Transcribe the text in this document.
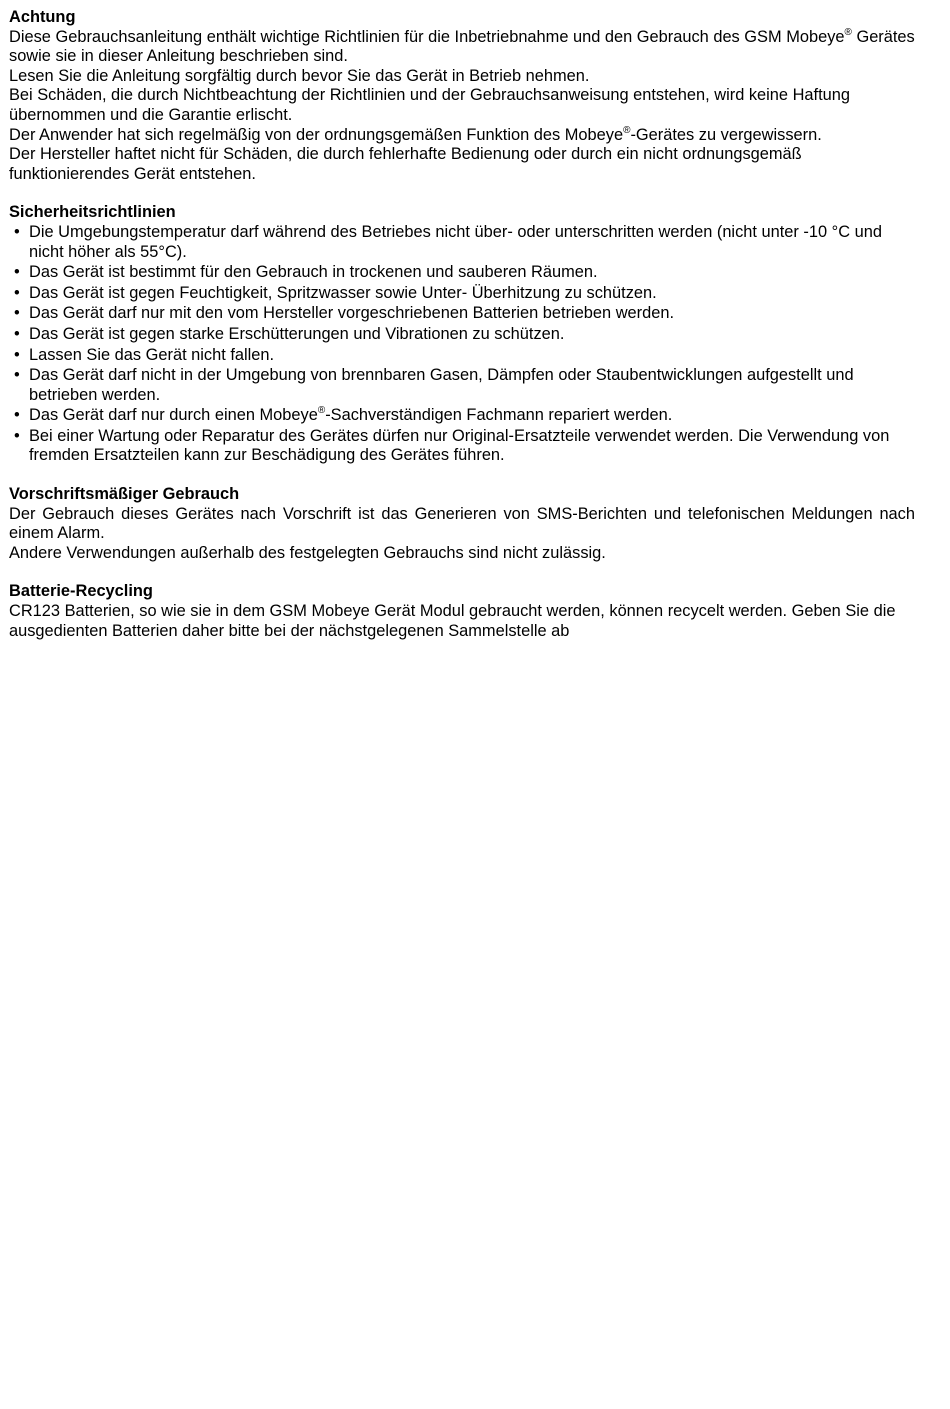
Achtung

Diese Gebrauchsanleitung enthält wichtige Richtlinien für die Inbetriebnahme und den Gebrauch des GSM Mobeye® Gerätes sowie sie in dieser Anleitung beschrieben sind.

Lesen Sie die Anleitung sorgfältig durch bevor Sie das Gerät in Betrieb nehmen.

Bei Schäden, die durch Nichtbeachtung der Richtlinien und der Gebrauchsanweisung entstehen, wird keine Haftung übernommen und die Garantie erlischt.

Der Anwender hat sich regelmäßig von der ordnungsgemäßen Funktion des Mobeye®-Gerätes zu vergewissern.

Der Hersteller haftet nicht für Schäden, die durch fehlerhafte Bedienung oder durch ein nicht ordnungsgemäß funktionierendes Gerät entstehen.

Sicherheitsrichtlinien

• Die Umgebungstemperatur darf während des Betriebes nicht über- oder unterschritten werden (nicht unter -10 °C und nicht höher als 55°C).
• Das Gerät ist bestimmt für den Gebrauch in trockenen und sauberen Räumen.
• Das Gerät ist gegen Feuchtigkeit, Spritzwasser sowie Unter- Überhitzung zu schützen.
• Das Gerät darf nur mit den vom Hersteller vorgeschriebenen Batterien betrieben werden.
• Das Gerät ist gegen starke Erschütterungen und Vibrationen zu schützen.
• Lassen Sie das Gerät nicht fallen.
• Das Gerät darf nicht in der Umgebung von brennbaren Gasen, Dämpfen oder Staubentwicklungen aufgestellt und betrieben werden.
• Das Gerät darf nur durch einen Mobeye®-Sachverständigen Fachmann repariert werden.
• Bei einer Wartung oder Reparatur des Gerätes dürfen nur Original-Ersatzteile verwendet werden. Die Verwendung von fremden Ersatzteilen kann zur Beschädigung des Gerätes führen.

Vorschriftsmäßiger Gebrauch

Der Gebrauch dieses Gerätes nach Vorschrift ist das Generieren von SMS-Berichten und telefonischen Meldungen nach einem Alarm.

Andere Verwendungen außerhalb des festgelegten Gebrauchs sind nicht zulässig.

Batterie-Recycling

CR123 Batterien, so wie sie in dem GSM Mobeye Gerät Modul gebraucht werden, können recycelt werden. Geben Sie die ausgedienten Batterien daher bitte bei der nächstgelegenen Sammelstelle ab
